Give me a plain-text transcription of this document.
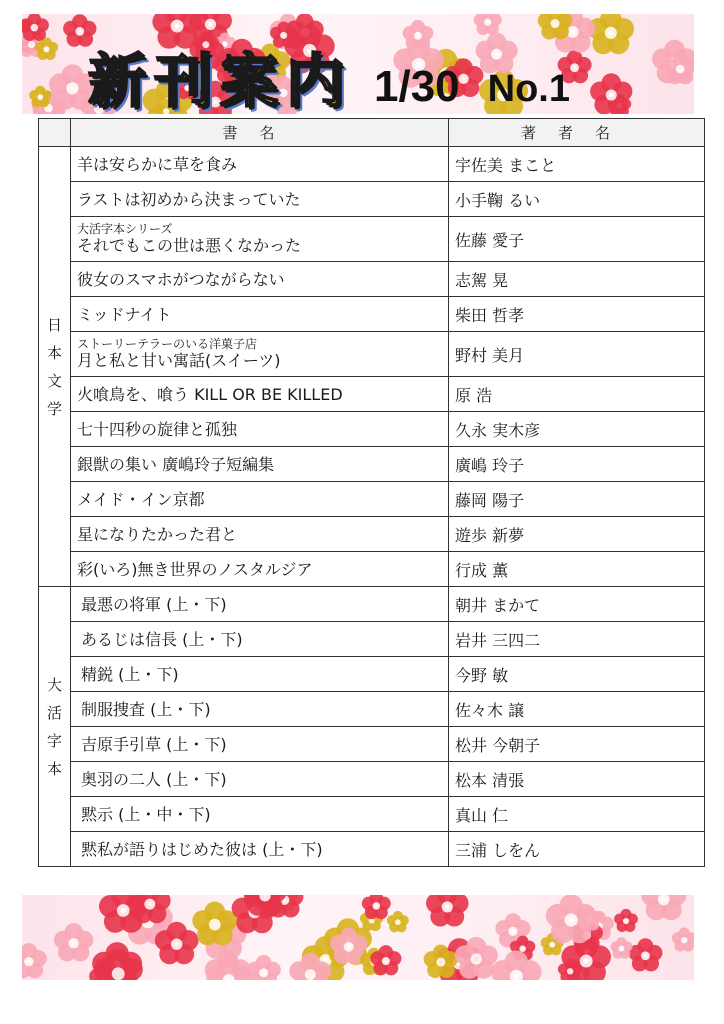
新刊案内 1/30 No.1
	書名	著者名

日
本
文
学	羊は安らかに草を食み	宇佐美 まこと

	ラストは初めから決まっていた	小手鞠 るい

	大活字本シリーズ
それでもこの世は悪くなかった	佐藤 愛子

	彼女のスマホがつながらない	志駕 晃

	ミッドナイト	柴田 哲孝

	ストーリーテラーのいる洋菓子店
月と私と甘い寓話(スイーツ)	野村 美月

	火喰鳥を、喰う KILL OR BE KILLED	原 浩

	七十四秒の旋律と孤独	久永 実木彦

	銀獣の集い 廣嶋玲子短編集	廣嶋 玲子

	メイド・イン京都	藤岡 陽子

	星になりたかった君と	遊歩 新夢

	彩(いろ)無き世界のノスタルジア	行成 薫

大
活
字
本	最悪の将軍 (上・下)	朝井 まかて

	あるじは信長 (上・下)	岩井 三四二

	精鋭 (上・下)	今野 敏

	制服捜査 (上・下)	佐々木 譲

	吉原手引草 (上・下)	松井 今朝子

	奥羽の二人 (上・下)	松本 清張

	黙示 (上・中・下)	真山 仁

	黙私が語りはじめた彼は (上・下)	三浦 しをん
